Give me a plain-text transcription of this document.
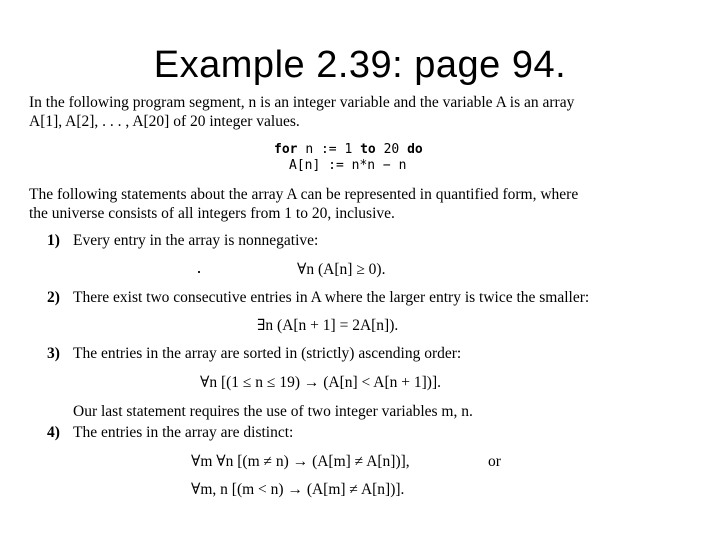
Example 2.39: page 94.
In the following program segment, n is an integer variable and the variable A is an array
A[1], A[2], . . . , A[20] of 20 integer values.
for n := 1 to 20 do
A[n] := n*n − n
The following statements about the array A can be represented in quantified form, where
the universe consists of all integers from 1 to 20, inclusive.
1) Every entry in the array is nonnegative:
∀n (A[n] ≥ 0).
2) There exist two consecutive entries in A where the larger entry is twice the smaller:
∃n (A[n + 1] = 2A[n]).
3) The entries in the array are sorted in (strictly) ascending order:
∀n [(1 ≤ n ≤ 19) → (A[n] < A[n + 1])].
Our last statement requires the use of two integer variables m, n.
4) The entries in the array are distinct:
∀m ∀n [(m ≠ n) → (A[m] ≠ A[n])],	or
∀m, n [(m < n) → (A[m] ≠ A[n])].
